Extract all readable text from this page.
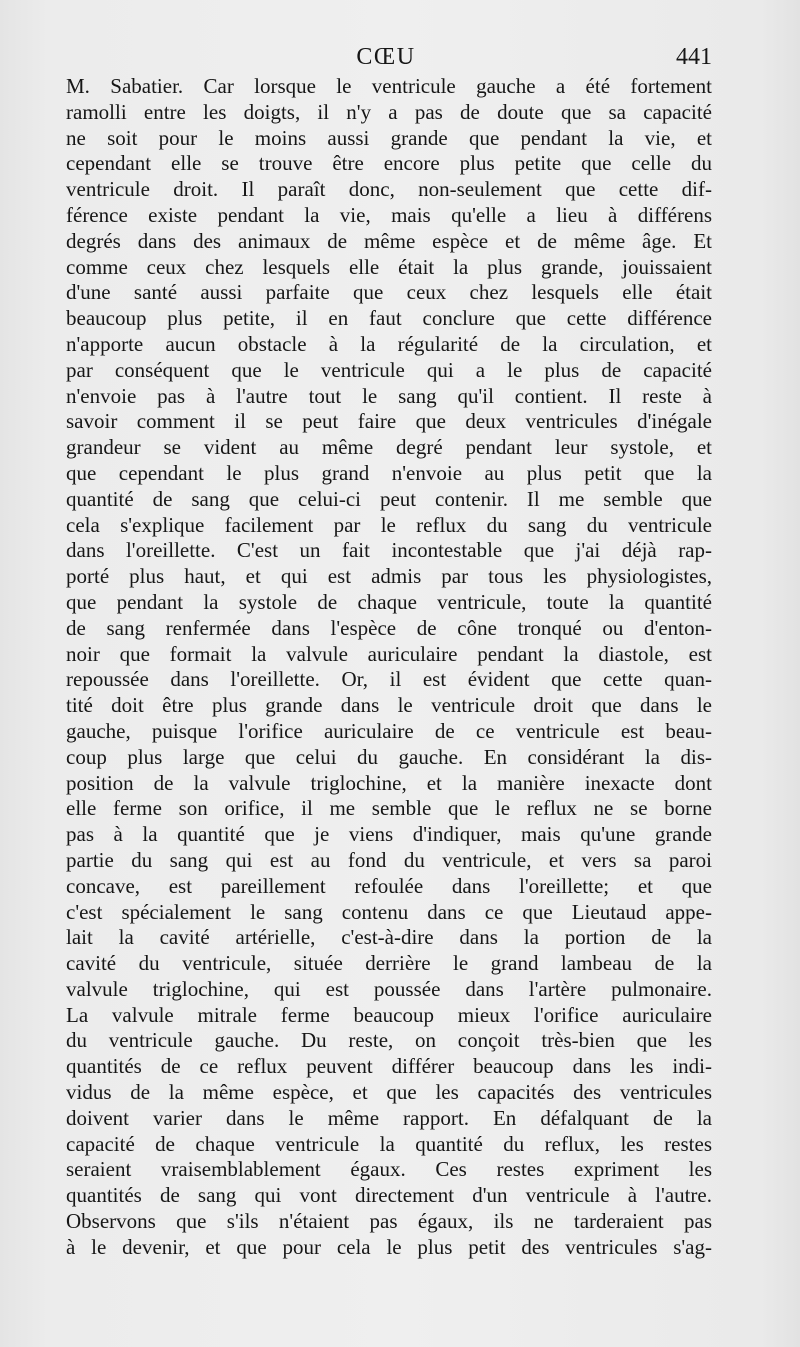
CŒU	441
M. Sabatier. Car lorsque le ventricule gauche a été fortement
ramolli entre les doigts, il n'y a pas de doute que sa capacité
ne soit pour le moins aussi grande que pendant la vie, et
cependant elle se trouve être encore plus petite que celle du
ventricule droit. Il paraît donc, non-seulement que cette dif-
férence existe pendant la vie, mais qu'elle a lieu à différens
degrés dans des animaux de même espèce et de même âge. Et
comme ceux chez lesquels elle était la plus grande, jouissaient
d'une santé aussi parfaite que ceux chez lesquels elle était
beaucoup plus petite, il en faut conclure que cette différence
n'apporte aucun obstacle à la régularité de la circulation, et
par conséquent que le ventricule qui a le plus de capacité
n'envoie pas à l'autre tout le sang qu'il contient. Il reste à
savoir comment il se peut faire que deux ventricules d'inégale
grandeur se vident au même degré pendant leur systole, et
que cependant le plus grand n'envoie au plus petit que la
quantité de sang que celui-ci peut contenir. Il me semble que
cela s'explique facilement par le reflux du sang du ventricule
dans l'oreillette. C'est un fait incontestable que j'ai déjà rap-
porté plus haut, et qui est admis par tous les physiologistes,
que pendant la systole de chaque ventricule, toute la quantité
de sang renfermée dans l'espèce de cône tronqué ou d'enton-
noir que formait la valvule auriculaire pendant la diastole, est
repoussée dans l'oreillette. Or, il est évident que cette quan-
tité doit être plus grande dans le ventricule droit que dans le
gauche, puisque l'orifice auriculaire de ce ventricule est beau-
coup plus large que celui du gauche. En considérant la dis-
position de la valvule triglochine, et la manière inexacte dont
elle ferme son orifice, il me semble que le reflux ne se borne
pas à la quantité que je viens d'indiquer, mais qu'une grande
partie du sang qui est au fond du ventricule, et vers sa paroi
concave, est pareillement refoulée dans l'oreillette; et que
c'est spécialement le sang contenu dans ce que Lieutaud appe-
lait la cavité artérielle, c'est-à-dire dans la portion de la
cavité du ventricule, située derrière le grand lambeau de la
valvule triglochine, qui est poussée dans l'artère pulmonaire.
La valvule mitrale ferme beaucoup mieux l'orifice auriculaire
du ventricule gauche. Du reste, on conçoit très-bien que les
quantités de ce reflux peuvent différer beaucoup dans les indi-
vidus de la même espèce, et que les capacités des ventricules
doivent varier dans le même rapport. En défalquant de la
capacité de chaque ventricule la quantité du reflux, les restes
seraient vraisemblablement égaux. Ces restes expriment les
quantités de sang qui vont directement d'un ventricule à l'autre.
Observons que s'ils n'étaient pas égaux, ils ne tarderaient pas
à le devenir, et que pour cela le plus petit des ventricules s'ag-
